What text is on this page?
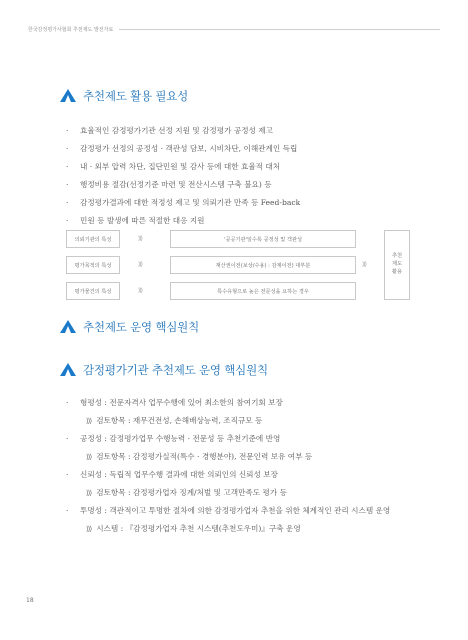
한국감정평가사협회 추천제도 발전자료
추천제도 활용 필요성
· 효율적인 감정평가기관 선정 지원 및 감정평가 공정성 제고
· 감정평가 선정의 공정성 · 객관성 담보, 시비차단, 이해관계인 득립
· 내 · 외부 압력 차단, 집단민원 및 감사 등에 대한 효율적 대처
· 행정비용 절감(선정기준 마련 및 전산시스템 구축 불요) 등
· 감정평가결과에 대한 적정성 제고 및 의뢰기관 만족 등 Feed-back
· 민원 등 발생에 따른 적절한 대응 지원
의뢰기관의 특성	⟩⟩⟩	'공공기관'일수록 공정성 및 객관성
평가목적의 특성	⟩⟩⟩	재산권이전(보상/수용) : 감제이전) 대부분
평가물건의 특성	⟩⟩⟩	특수유형으로 높은 전문성을 요하는 경우
⟩⟩⟩
추천
제도
활용
추천제도 운영 핵심원칙
감정평가기관 추천제도 운영 핵심원칙
· 형평성 : 전문자격사 업무수행에 있어 최소한의 참여기회 보장
⟩⟩⟩ 검토항목 : 재무건전성, 손해배상능력, 조직규모 등
· 공정성 : 감정평가업무 수행능력 · 전문성 등 추천기준에 반영
⟩⟩⟩ 검토항목 : 감정평가실적(특수 · 경행분야), 전문인력 보유 여부 등
· 신뢰성 : 독립적 업무수행 결과에 대한 의뢰인의 신뢰성 보장
⟩⟩⟩ 검토항목 : 감정평가업자 징계/처벌 및 고객만족도 평가 등
· 투명성 : 객관적이고 투명한 절차에 의한 감정평가업자 추천을 위한 체계적인 관리 시스템 운영
⟩⟩⟩ 시스템 : 『감정평가업자 추천 시스템(추천도우미)』구축 운영
18
